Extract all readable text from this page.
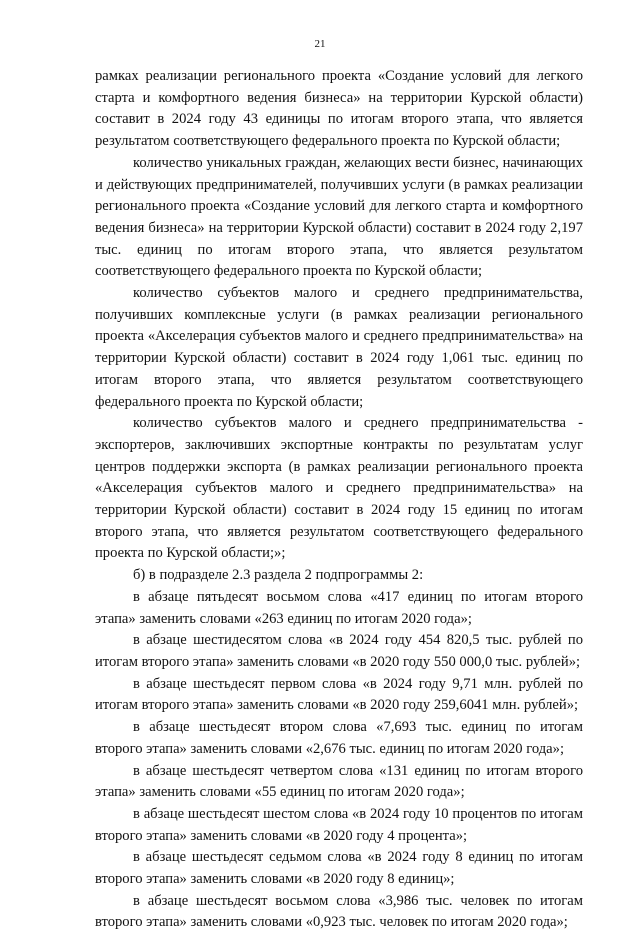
21

рамках реализации регионального проекта «Создание условий для легкого старта и комфортного ведения бизнеса» на территории Курской области) составит в 2024 году 43 единицы по итогам второго этапа, что является результатом соответствующего федерального проекта по Курской области;

количество уникальных граждан, желающих вести бизнес, начинающих и действующих предпринимателей, получивших услуги (в рамках реализации регионального проекта «Создание условий для легкого старта и комфортного ведения бизнеса» на территории Курской области) составит в 2024 году 2,197 тыс. единиц по итогам второго этапа, что является результатом соответствующего федерального проекта по Курской области;

количество субъектов малого и среднего предпринимательства, получивших комплексные услуги (в рамках реализации регионального проекта «Акселерация субъектов малого и среднего предпринимательства» на территории Курской области) составит в 2024 году 1,061 тыс. единиц по итогам второго этапа, что является результатом соответствующего федерального проекта по Курской области;

количество субъектов малого и среднего предпринимательства - экспортеров, заключивших экспортные контракты по результатам услуг центров поддержки экспорта (в рамках реализации регионального проекта «Акселерация субъектов малого и среднего предпринимательства» на территории Курской области) составит в 2024 году 15 единиц по итогам второго этапа, что является результатом соответствующего федерального проекта по Курской области;»;

б) в подразделе 2.3 раздела 2 подпрограммы 2:

в абзаце пятьдесят восьмом слова «417 единиц по итогам второго этапа» заменить словами «263 единиц по итогам 2020 года»;

в абзаце шестидесятом слова «в 2024 году 454 820,5 тыс. рублей по итогам второго этапа» заменить словами «в 2020 году 550 000,0 тыс. рублей»;

в абзаце шестьдесят первом слова «в 2024 году 9,71 млн. рублей по итогам второго этапа» заменить словами «в 2020 году 259,6041 млн. рублей»;

в абзаце шестьдесят втором слова «7,693 тыс. единиц по итогам второго этапа» заменить словами «2,676 тыс. единиц по итогам 2020 года»;

в абзаце шестьдесят четвертом слова «131 единиц по итогам второго этапа» заменить словами «55 единиц по итогам 2020 года»;

в абзаце шестьдесят шестом слова «в 2024 году 10 процентов по итогам второго этапа» заменить словами «в 2020 году 4 процента»;

в абзаце шестьдесят седьмом слова «в 2024 году 8 единиц по итогам второго этапа» заменить словами «в 2020 году 8 единиц»;

в абзаце шестьдесят восьмом слова «3,986 тыс. человек по итогам второго этапа» заменить словами «0,923 тыс. человек по итогам 2020 года»;
